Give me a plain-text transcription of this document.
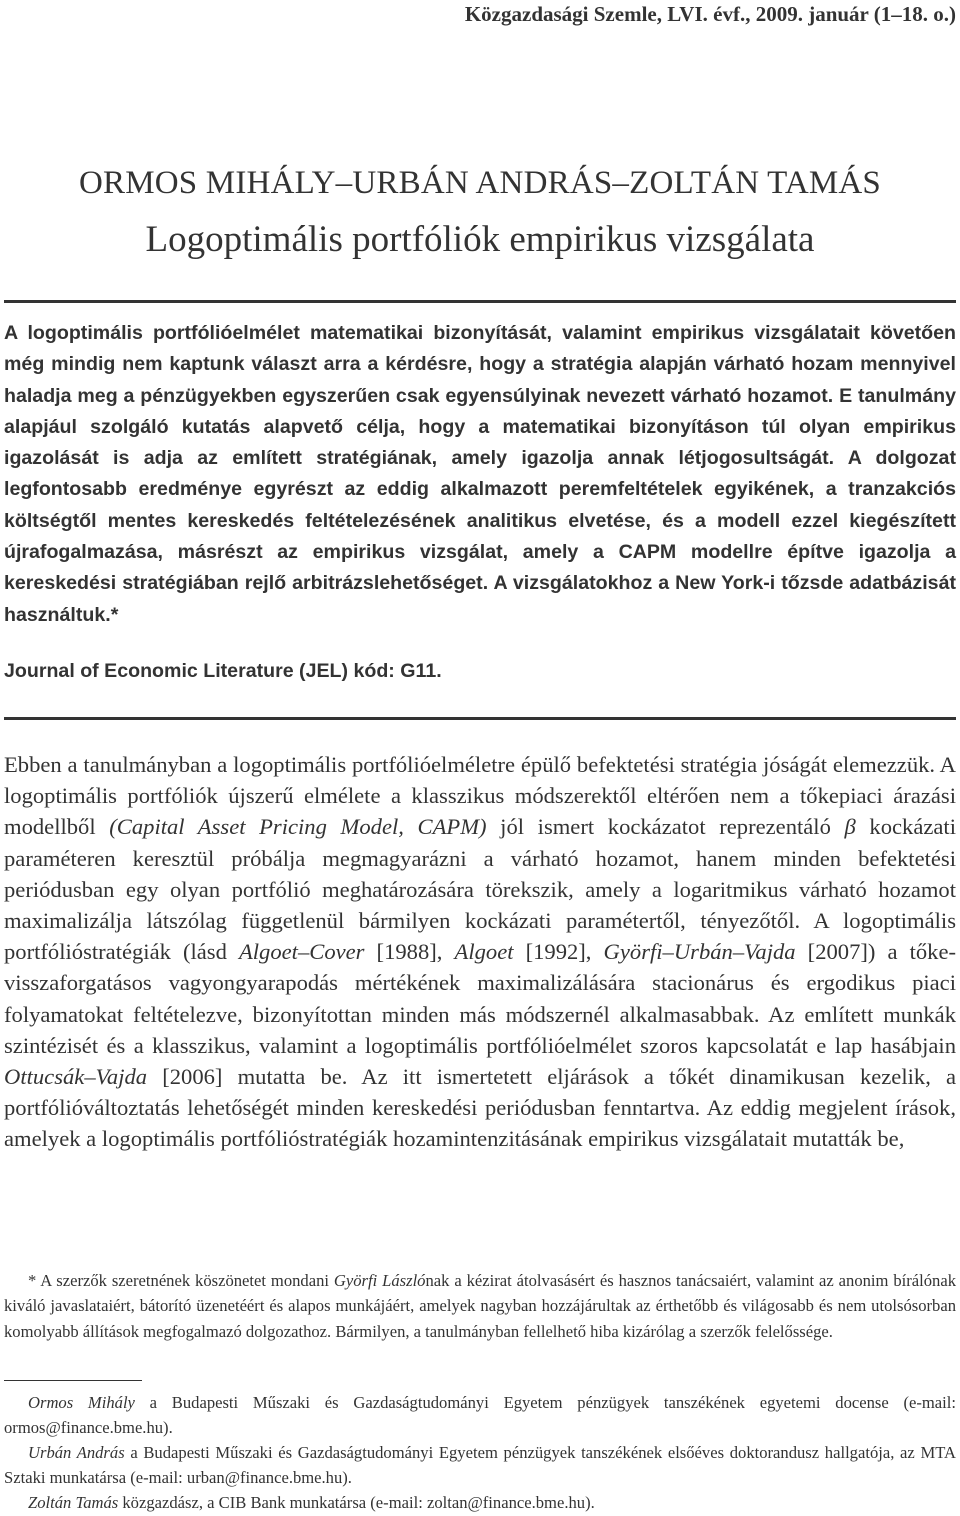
Közgazdasági Szemle, LVI. évf., 2009. január (1–18. o.)
ORMOS MIHÁLY–URBÁN ANDRÁS–ZOLTÁN TAMÁS
Logoptimális portfóliók empirikus vizsgálata

A logoptimális portfólióelmélet matematikai bizonyítását, valamint empirikus vizsgálatait követően még mindig nem kaptunk választ arra a kérdésre, hogy a stratégia alapján várható hozam mennyivel haladja meg a pénzügyekben egyszerűen csak egyensúlyinak nevezett várható hozamot. E tanulmány alapjául szolgáló kutatás alapvető célja, hogy a matematikai bizonyításon túl olyan empirikus igazolását is adja az említett stratégiának, amely igazolja annak létjogosultságát. A dolgozat legfontosabb eredménye egyrészt az eddig alkalmazott peremfeltételek egyikének, a tranzakciós költségtől mentes kereskedés feltételezésének analitikus elvetése, és a modell ezzel kiegészített újrafogalmazása, másrészt az empirikus vizsgálat, amely a CAPM modellre építve igazolja a kereskedési stratégiában rejlő arbitrázslehetőséget. A vizsgálatokhoz a New York-i tőzsde adatbázisát használtuk.*

Journal of Economic Literature (JEL) kód: G11.

Ebben a tanulmányban a logoptimális portfólióelméletre épülő befektetési stratégia jóságát elemezzük. A logoptimális portfóliók újszerű elmélete a klasszikus módszerektől eltérően nem a tőkepiaci árazási modellből (Capital Asset Pricing Model, CAPM) jól ismert kockázatot reprezentáló β kockázati paraméteren keresztül próbálja megmagyarázni a várható hozamot, hanem minden befektetési periódusban egy olyan portfólió meghatározására törekszik, amely a logaritmikus várható hozamot maximalizálja látszólag függetlenül bármilyen kockázati paramétertől, tényezőtől. A logoptimális portfólióstratégiák (lásd Algoet–Cover [1988], Algoet [1992], Györfi–Urbán–Vajda [2007]) a tőke-visszaforgatásos vagyongyarapodás mértékének maximalizálására stacionárus és ergodikus piaci folyamatokat feltételezve, bizonyítottan minden más módszernél alkalmasabbak. Az említett munkák szintézisét és a klasszikus, valamint a logoptimális portfólióelmélet szoros kapcsolatát e lap hasábjain Ottucsák–Vajda [2006] mutatta be. Az itt ismertetett eljárások a tőkét dinamikusan kezelik, a portfólióváltoztatás lehetőségét minden kereskedési periódusban fenntartva. Az eddig megjelent írások, amelyek a logoptimális portfólióstratégiák hozamintenzitásának empirikus vizsgálatait mutatták be,

* A szerzők szeretnének köszönetet mondani Györfi Lászlónak a kézirat átolvasásért és hasznos tanácsaiért, valamint az anonim bírálónak kiváló javaslataiért, bátorító üzenetéért és alapos munkájáért, amelyek nagyban hozzájárultak az érthetőbb és világosabb és nem utolsósorban komolyabb állítások megfogalmazó dolgozathoz. Bármilyen, a tanulmányban fellelhető hiba kizárólag a szerzők felelőssége.

Ormos Mihály a Budapesti Műszaki és Gazdaságtudományi Egyetem pénzügyek tanszékének egyetemi docense (e-mail: ormos@finance.bme.hu).

Urbán András a Budapesti Műszaki és Gazdaságtudományi Egyetem pénzügyek tanszékének elsőéves doktorandusz hallgatója, az MTA Sztaki munkatársa (e-mail: urban@finance.bme.hu).

Zoltán Tamás közgazdász, a CIB Bank munkatársa (e-mail: zoltan@finance.bme.hu).
